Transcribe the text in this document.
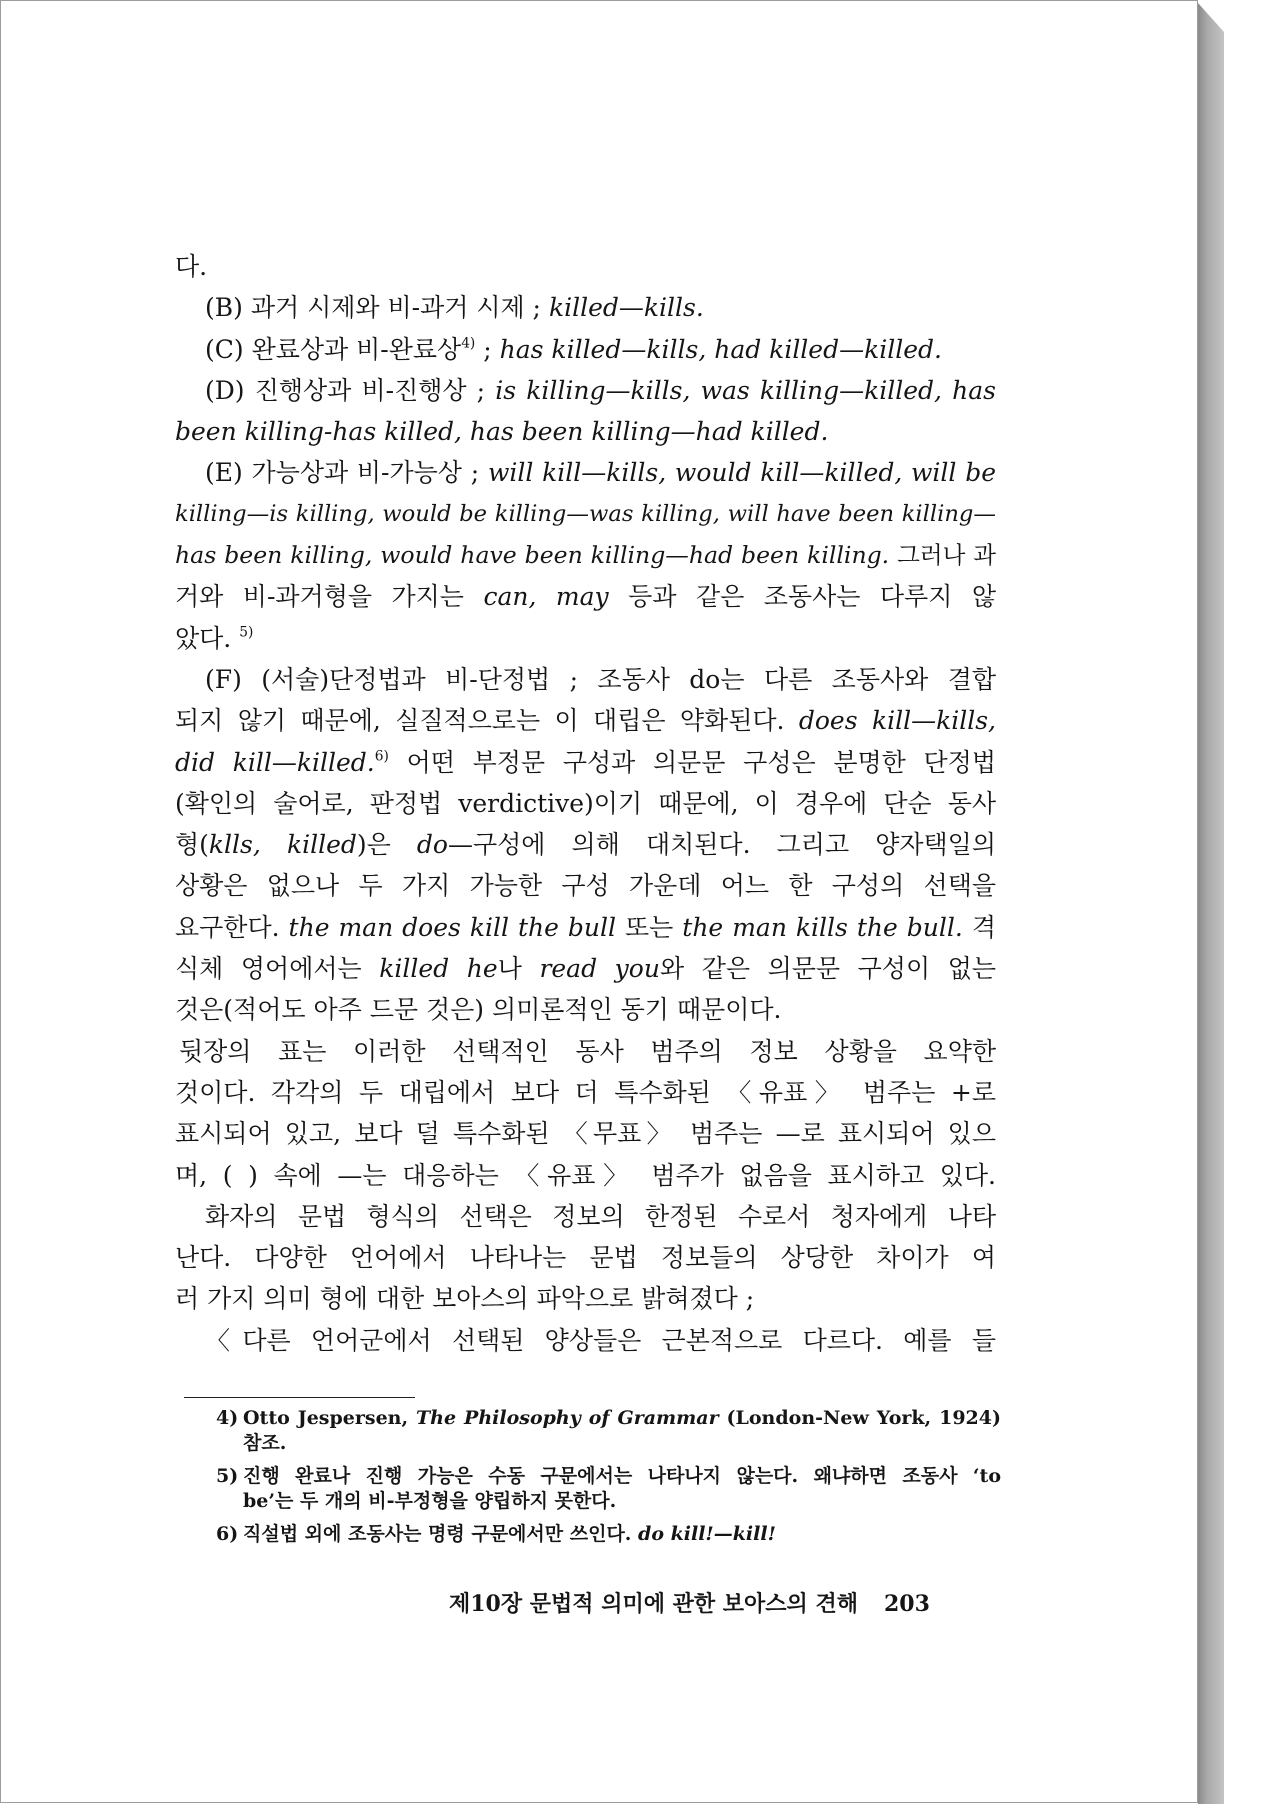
다.
(B) 과거 시제와 비-과거 시제 ; killed—kills.
(C) 완료상과 비-완료상$^{4)}$ ; has killed—kills, had killed—killed.
(D) 진행상과 비-진행상 ; is killing—kills, was killing—killed, has
been killing-has killed, has been killing—had killed.
(E) 가능상과 비-가능상 ; will kill—kills, would kill—killed, will be
killing—is killing, would be killing—was killing, will have been killing—
has been killing, would have been killing—had been killing. 그러나 과
거와 비-과거형을 가지는 can, may 등과 같은 조동사는 다루지 않
았다. $^{5)}$
(F) (서술)단정법과 비-단정법 ; 조동사 do는 다른 조동사와 결합
되지 않기 때문에, 실질적으로는 이 대립은 약화된다. does kill—kills,
did kill—killed.$^{6)}$ 어떤 부정문 구성과 의문문 구성은 분명한 단정법
(확인의 술어로, 판정법 verdictive)이기 때문에, 이 경우에 단순 동사
형(klls, killed)은 do—구성에 의해 대치된다. 그리고 양자택일의
상황은 없으나 두 가지 가능한 구성 가운데 어느 한 구성의 선택을
요구한다. the man does kill the bull 또는 the man kills the bull. 격
식체 영어에서는 killed he나 read you와 같은 의문문 구성이 없는
것은(적어도 아주 드문 것은) 의미론적인 동기 때문이다.
뒷장의 표는 이러한 선택적인 동사 범주의 정보 상황을 요약한
것이다. 각각의 두 대립에서 보다 더 특수화된 〈유표〉 범주는 +로
표시되어 있고, 보다 덜 특수화된 〈무표〉 범주는 —로 표시되어 있으
며, ( ) 속에 —는 대응하는 〈유표〉 범주가 없음을 표시하고 있다.
화자의 문법 형식의 선택은 정보의 한정된 수로서 청자에게 나타
난다. 다양한 언어에서 나타나는 문법 정보들의 상당한 차이가 여
러 가지 의미 형에 대한 보아스의 파악으로 밝혀졌다 ;
〈다른 언어군에서 선택된 양상들은 근본적으로 다르다. 예를 들
4) Otto Jespersen, The Philosophy of Grammar (London-New York, 1924)
참조.
5) 진행 완료나 진행 가능은 수동 구문에서는 나타나지 않는다. 왜냐하면 조동사 ‘to
be’는 두 개의 비-부정형을 양립하지 못한다.
6) 직설법 외에 조동사는 명령 구문에서만 쓰인다. do kill!—kill!
제10장 문법적 의미에 관한 보아스의 견해 203
